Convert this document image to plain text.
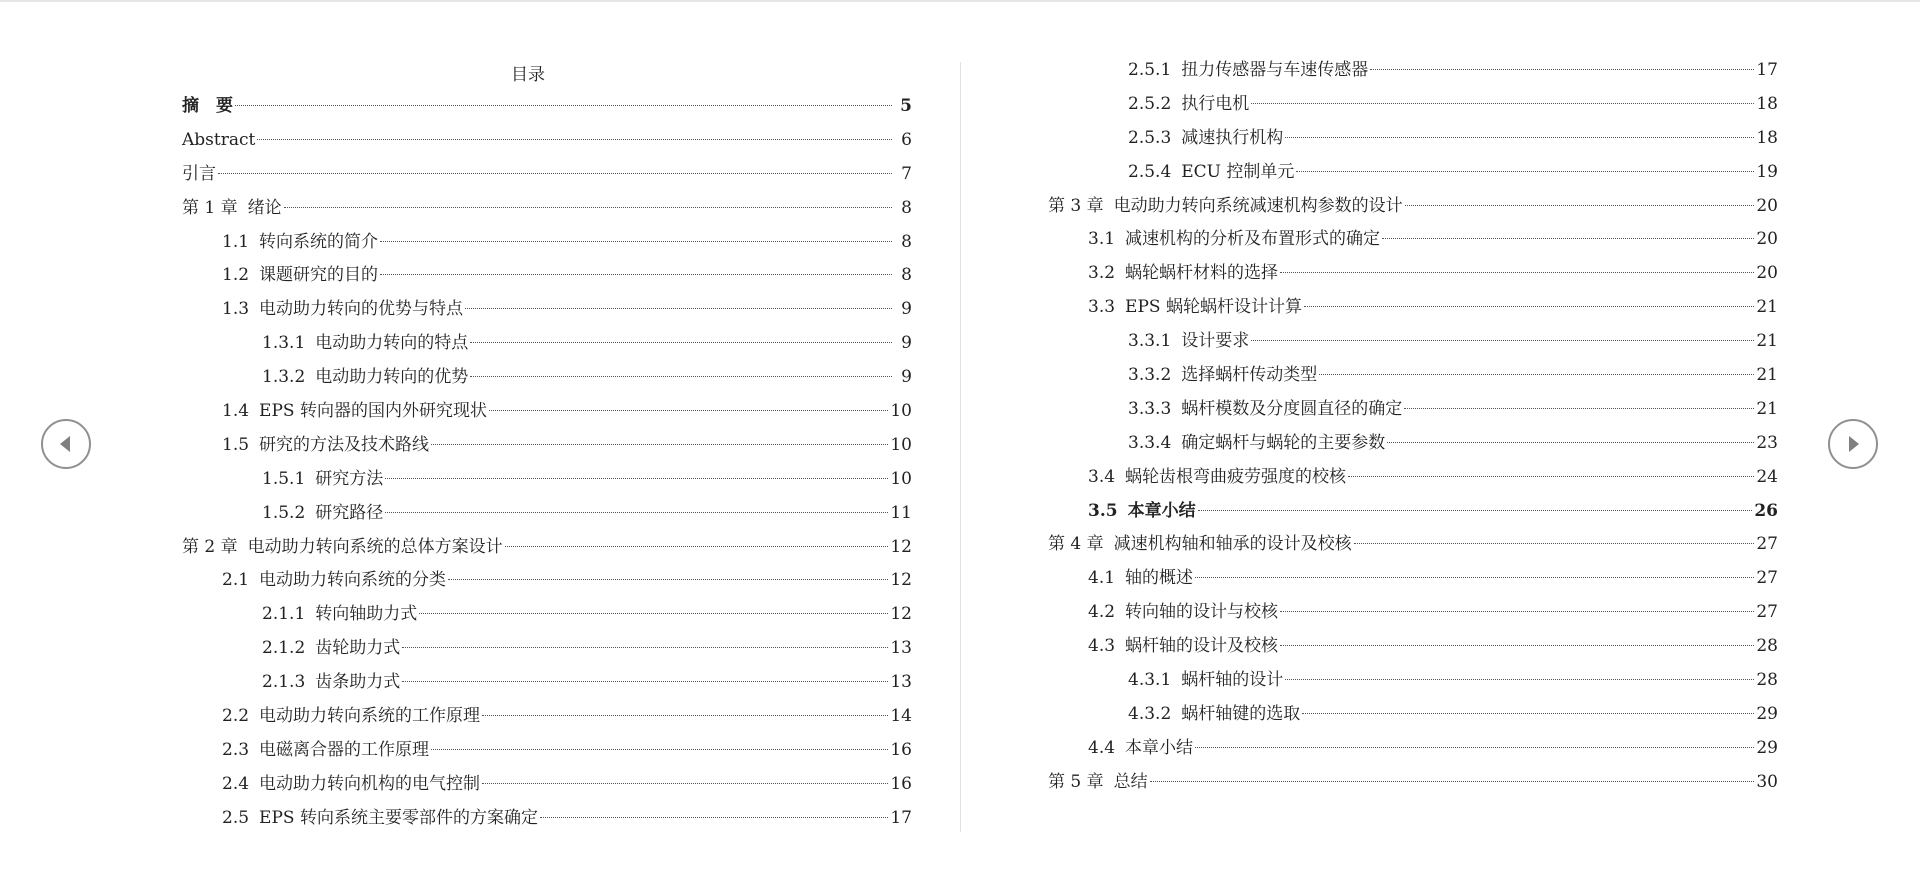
目录
摘　要	5
Abstract	6
引言	7
第 1 章 绪论	8
1.1 转向系统的简介	8
1.2 课题研究的目的	8
1.3 电动助力转向的优势与特点	9
1.3.1 电动助力转向的特点	9
1.3.2 电动助力转向的优势	9
1.4 EPS 转向器的国内外研究现状	10
1.5 研究的方法及技术路线	10
1.5.1 研究方法	10
1.5.2 研究路径	11
第 2 章 电动助力转向系统的总体方案设计	12
2.1 电动助力转向系统的分类	12
2.1.1 转向轴助力式	12
2.1.2 齿轮助力式	13
2.1.3 齿条助力式	13
2.2 电动助力转向系统的工作原理	14
2.3 电磁离合器的工作原理	16
2.4 电动助力转向机构的电气控制	16
2.5 EPS 转向系统主要零部件的方案确定	17
2.5.1 扭力传感器与车速传感器	17
2.5.2 执行电机	18
2.5.3 减速执行机构	18
2.5.4 ECU 控制单元	19
第 3 章 电动助力转向系统减速机构参数的设计	20
3.1 减速机构的分析及布置形式的确定	20
3.2 蜗轮蜗杆材料的选择	20
3.3 EPS 蜗轮蜗杆设计计算	21
3.3.1 设计要求	21
3.3.2 选择蜗杆传动类型	21
3.3.3 蜗杆模数及分度圆直径的确定	21
3.3.4 确定蜗杆与蜗轮的主要参数	23
3.4 蜗轮齿根弯曲疲劳强度的校核	24
3.5 本章小结	26
第 4 章 减速机构轴和轴承的设计及校核	27
4.1 轴的概述	27
4.2 转向轴的设计与校核	27
4.3 蜗杆轴的设计及校核	28
4.3.1 蜗杆轴的设计	28
4.3.2 蜗杆轴键的选取	29
4.4 本章小结	29
第 5 章 总结	30
